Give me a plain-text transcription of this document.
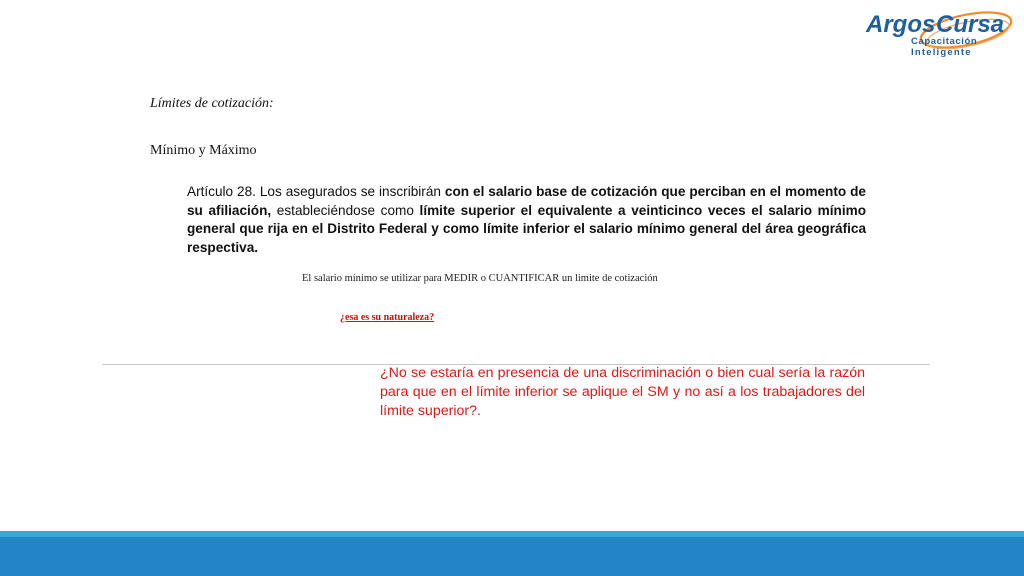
Argos Cursa
Capacitación
Inteligente
Límites de cotización:
Mínimo y Máximo
Artículo 28. Los asegurados se inscribirán con el salario base de cotización que perciban en el momento de su afiliación, estableciéndose como límite superior el equivalente a veinticinco veces el salario mínimo general que rija en el Distrito Federal y como límite inferior el salario mínimo general del área geográfica respectiva.
El salario mínimo se utilizar para MEDIR o CUANTIFICAR un limite de cotización
¿esa es su naturaleza?
¿No se estaría en presencia de una discriminación o bien cual sería la razón para que en el límite inferior se aplique el SM y no así a los trabajadores del límite superior?.
